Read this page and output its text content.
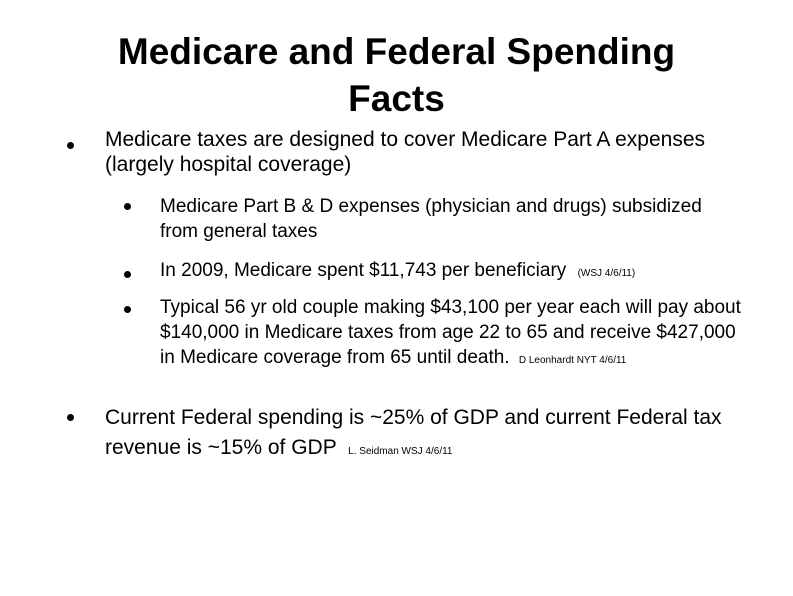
Medicare and Federal Spending
Facts
Medicare taxes are designed to cover Medicare Part A expenses (largely hospital coverage)
Medicare Part B & D expenses (physician and drugs) subsidized from general taxes
In 2009, Medicare spent $11,743 per beneficiary (WSJ 4/6/11)
Typical 56 yr old couple making $43,100 per year each will pay about $140,000 in Medicare taxes from age 22 to 65 and receive $427,000 in Medicare coverage from 65 until death. D Leonhardt NYT 4/6/11
Current Federal spending is ~25% of GDP and current Federal tax revenue is ~15% of GDP L. Seidman WSJ 4/6/11
